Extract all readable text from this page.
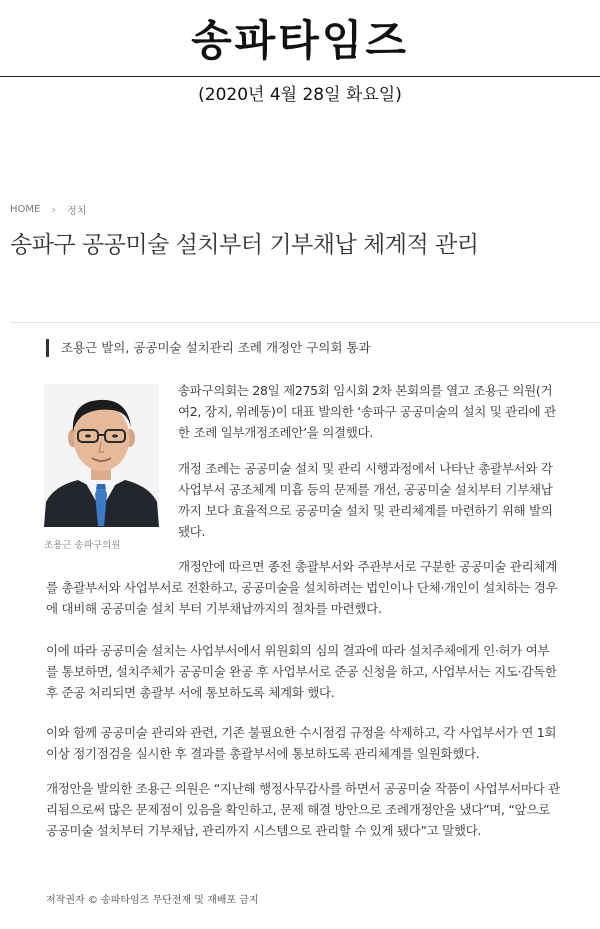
송파타임즈
(2020년 4월 28일 화요일)
HOME › 정치
송파구 공공미술 설치부터 기부채납 체계적 관리
조용근 발의, 공공미술 설치관리 조례 개정안 구의회 통과
조용근 송파구의원

송파구의회는 28일 제275회 임시회 2차 본회의를 열고 조용근 의원(거여2, 장지, 위례동)이 대표 발의한 ‘송파구 공공미술의 설치 및 관리에 관한 조례 일부개정조례안’을 의결했다.

개정 조례는 공공미술 설치 및 관리 시행과정에서 나타난 총괄부서와 각 사업부서 공조체계 미흡 등의 문제를 개선, 공공미술 설치부터 기부채납까지 보다 효율적으로 공공미술 설치 및 관리체계를 마련하기 위해 발의됐다.

개정안에 따르면 종전 총괄부서와 주관부서로 구분한 공공미술 관리체계를 총괄부서와 사업부서로 전환하고, 공공미술을 설치하려는 법인이나 단체·개인이 설치하는 경우에 대비해 공공미술 설치 부터 기부채납까지의 절차를 마련했다.

이에 따라 공공미술 설치는 사업부서에서 위원회의 심의 결과에 따라 설치주체에게 인·허가 여부를 통보하면, 설치주체가 공공미술 완공 후 사업부서로 준공 신청을 하고, 사업부서는 지도·감독한 후 준공 처리되면 총괄부 서에 통보하도록 체계화 했다.

이와 함께 공공미술 관리와 관련, 기존 불필요한 수시점검 규정을 삭제하고, 각 사업부서가 연 1회 이상 정기점검을 실시한 후 결과를 총괄부서에 통보하도록 관리체계를 일원화했다.

개정안을 발의한 조용근 의원은 “지난해 행정사무감사를 하면서 공공미술 작품이 사업부서마다 관리됨으로써 많은 문제점이 있음을 확인하고, 문제 해결 방안으로 조례개정안을 냈다”며, “앞으로 공공미술 설치부터 기부채납, 관리까지 시스템으로 관리할 수 있게 됐다”고 말했다.

저작권자 © 송파타임즈 무단전재 및 재배포 금지
